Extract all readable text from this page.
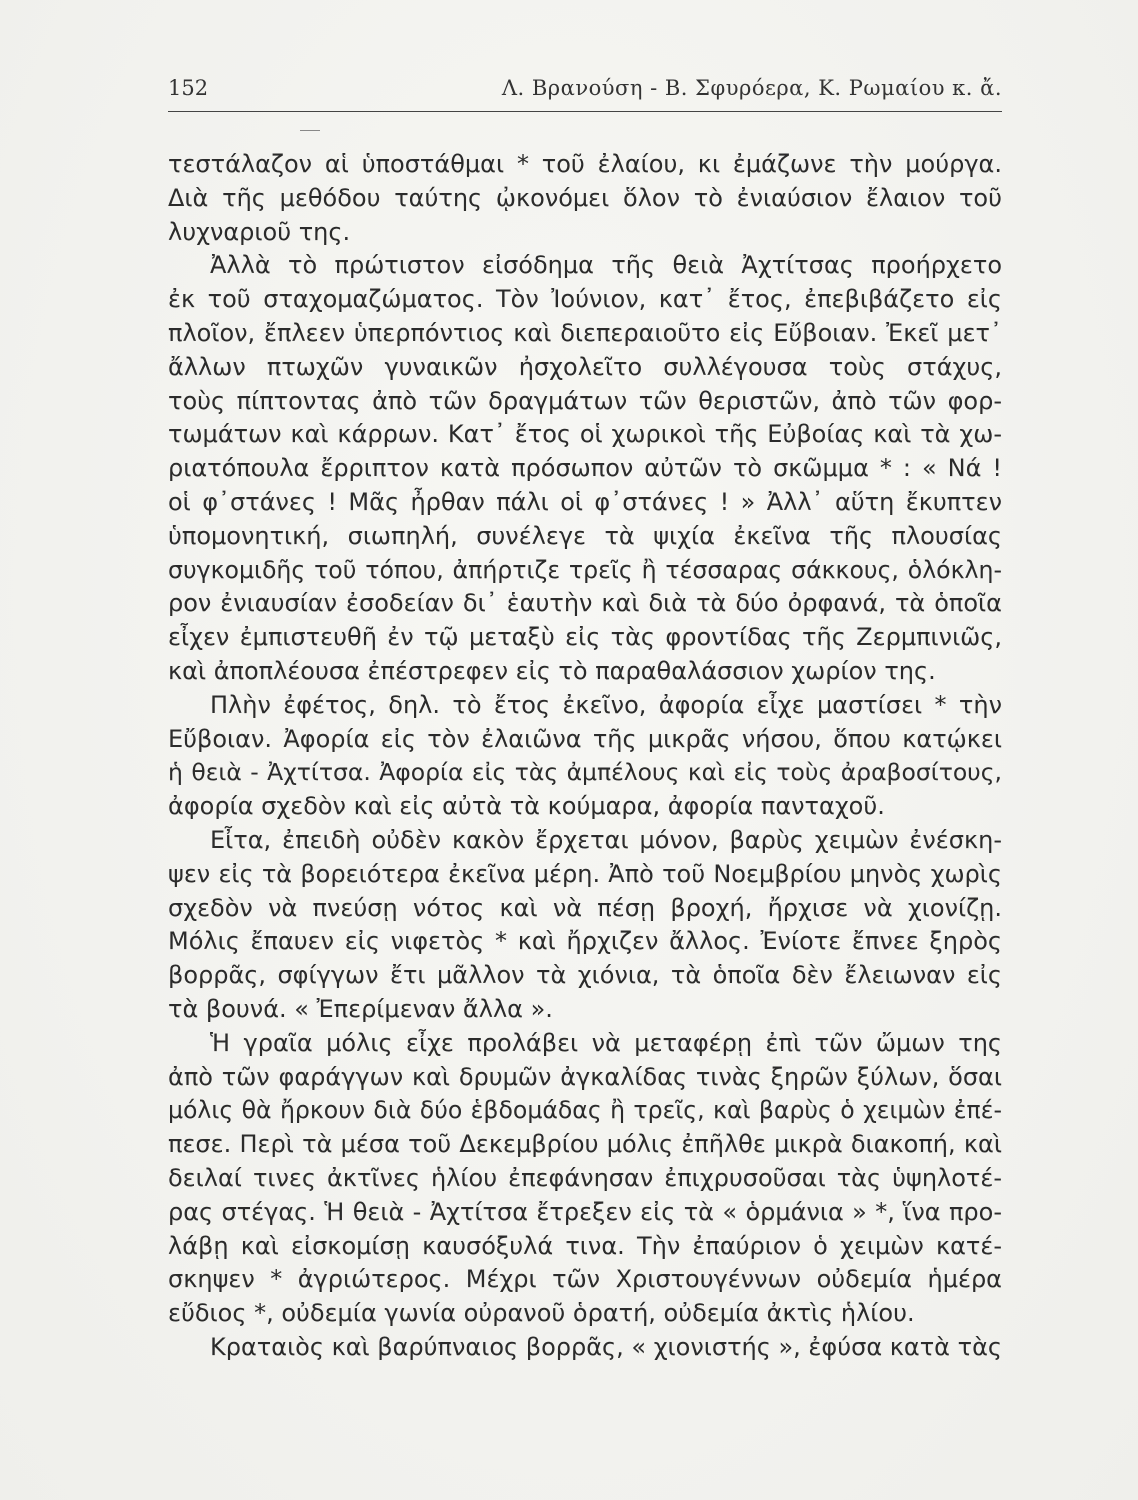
152	Λ. Βρανούση - Β. Σφυρόερα, Κ. Ρωμαίου κ. ἄ.
τεστάλαζον αἱ ὑποστάθμαι * τοῦ ἐλαίου, κι ἐμάζωνε τὴν μούργα.
Διὰ τῆς μεθόδου ταύτης ᾠκονόμει ὅλον τὸ ἐνιαύσιον ἔλαιον τοῦ
λυχναριοῦ της.
Ἀλλὰ τὸ πρώτιστον εἰσόδημα τῆς θειὰ Ἀχτίτσας προήρχετο
ἐκ τοῦ σταχομαζώματος. Τὸν Ἰούνιον, κατ᾽ ἔτος, ἐπεβιβάζετο εἰς
πλοῖον, ἔπλεεν ὑπερπόντιος καὶ διεπεραιοῦτο εἰς Εὔβοιαν. Ἐκεῖ μετ᾽
ἄλλων πτωχῶν γυναικῶν ἠσχολεῖτο συλλέγουσα τοὺς στάχυς,
τοὺς πίπτοντας ἀπὸ τῶν δραγμάτων τῶν θεριστῶν, ἀπὸ τῶν φορ-
τωμάτων καὶ κάρρων. Κατ᾽ ἔτος οἱ χωρικοὶ τῆς Εὐβοίας καὶ τὰ χω-
ριατόπουλα ἔρριπτον κατὰ πρόσωπον αὐτῶν τὸ σκῶμμα * : « Νά !
οἱ φ᾽στάνες ! Μᾶς ἦρθαν πάλι οἱ φ᾽στάνες ! » Ἀλλ᾽ αὕτη ἔκυπτεν
ὑπομονητική, σιωπηλή, συνέλεγε τὰ ψιχία ἐκεῖνα τῆς πλουσίας
συγκομιδῆς τοῦ τόπου, ἀπήρτιζε τρεῖς ἢ τέσσαρας σάκκους, ὁλόκλη-
ρον ἐνιαυσίαν ἐσοδείαν δι᾽ ἑαυτὴν καὶ διὰ τὰ δύο ὀρφανά, τὰ ὁποῖα
εἶχεν ἐμπιστευθῆ ἐν τῷ μεταξὺ εἰς τὰς φροντίδας τῆς Ζερμπινιῶς,
καὶ ἀποπλέουσα ἐπέστρεφεν εἰς τὸ παραθαλάσσιον χωρίον της.
Πλὴν ἐφέτος, δηλ. τὸ ἔτος ἐκεῖνο, ἀφορία εἶχε μαστίσει * τὴν
Εὔβοιαν. Ἀφορία εἰς τὸν ἐλαιῶνα τῆς μικρᾶς νήσου, ὅπου κατῴκει
ἡ θειὰ - Ἀχτίτσα. Ἀφορία εἰς τὰς ἀμπέλους καὶ εἰς τοὺς ἀραβοσίτους,
ἀφορία σχεδὸν καὶ εἰς αὐτὰ τὰ κούμαρα, ἀφορία πανταχοῦ.
Εἶτα, ἐπειδὴ οὐδὲν κακὸν ἔρχεται μόνον, βαρὺς χειμὼν ἐνέσκη-
ψεν εἰς τὰ βορειότερα ἐκεῖνα μέρη. Ἀπὸ τοῦ Νοεμβρίου μηνὸς χωρὶς
σχεδὸν νὰ πνεύσῃ νότος καὶ νὰ πέσῃ βροχή, ἤρχισε νὰ χιονίζῃ.
Μόλις ἔπαυεν εἰς νιφετὸς * καὶ ἤρχιζεν ἄλλος. Ἐνίοτε ἔπνεε ξηρὸς
βορρᾶς, σφίγγων ἔτι μᾶλλον τὰ χιόνια, τὰ ὁποῖα δὲν ἔλειωναν εἰς
τὰ βουνά. « Ἐπερίμεναν ἄλλα ».
Ἡ γραῖα μόλις εἶχε προλάβει νὰ μεταφέρῃ ἐπὶ τῶν ὤμων της
ἀπὸ τῶν φαράγγων καὶ δρυμῶν ἀγκαλίδας τινὰς ξηρῶν ξύλων, ὅσαι
μόλις θὰ ἤρκουν διὰ δύο ἑβδομάδας ἢ τρεῖς, καὶ βαρὺς ὁ χειμὼν ἐπέ-
πεσε. Περὶ τὰ μέσα τοῦ Δεκεμβρίου μόλις ἐπῆλθε μικρὰ διακοπή, καὶ
δειλαί τινες ἀκτῖνες ἡλίου ἐπεφάνησαν ἐπιχρυσοῦσαι τὰς ὑψηλοτέ-
ρας στέγας. Ἡ θειὰ - Ἀχτίτσα ἔτρεξεν εἰς τὰ « ὁρμάνια » *, ἵνα προ-
λάβῃ καὶ εἰσκομίσῃ καυσόξυλά τινα. Τὴν ἐπαύριον ὁ χειμὼν κατέ-
σκηψεν * ἀγριώτερος. Μέχρι τῶν Χριστουγέννων οὐδεμία ἡμέρα
εὔδιος *, οὐδεμία γωνία οὐρανοῦ ὁρατή, οὐδεμία ἀκτὶς ἡλίου.
Κραταιὸς καὶ βαρύπναιος βορρᾶς, « χιονιστής », ἐφύσα κατὰ τὰς
